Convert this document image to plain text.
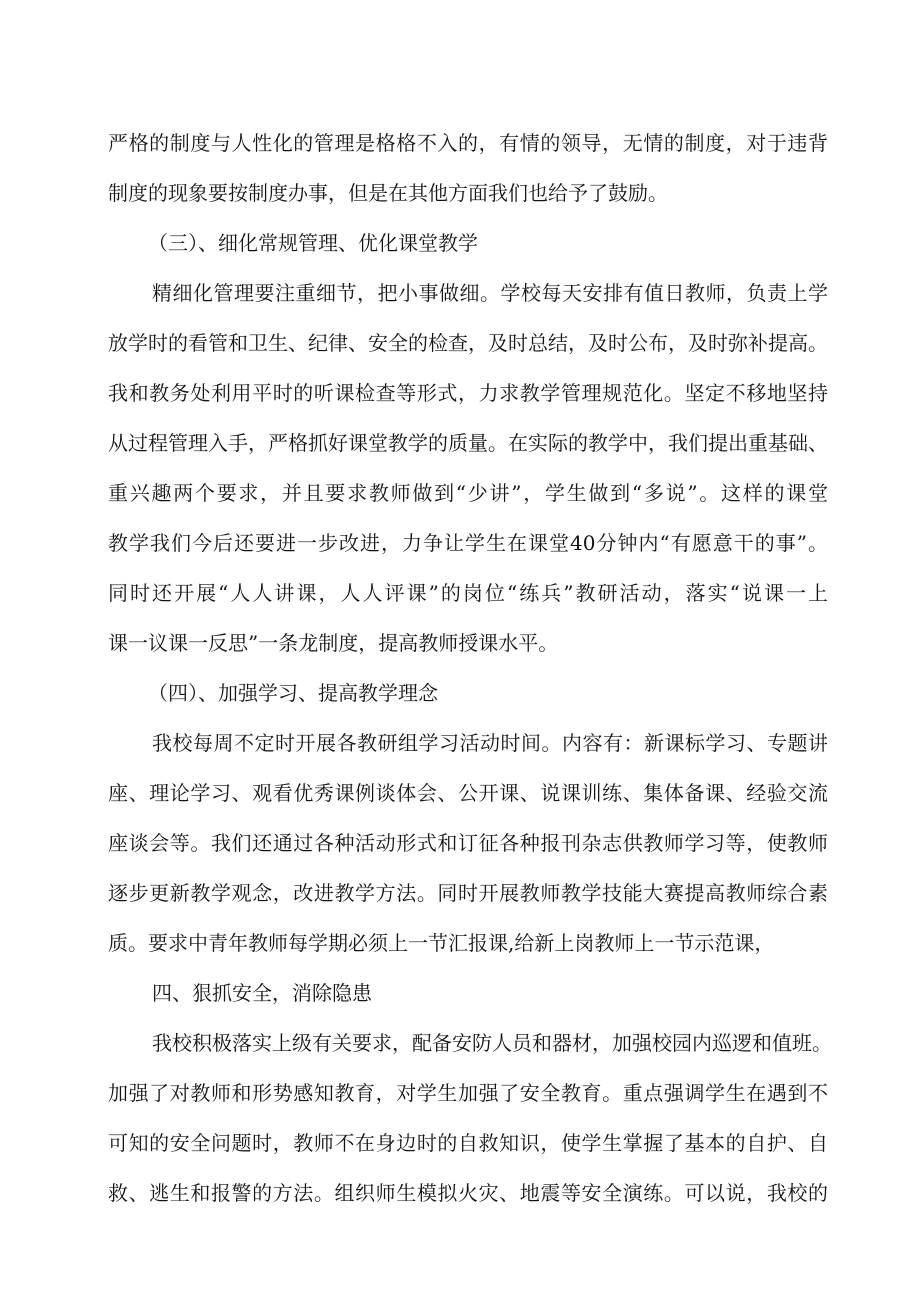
严格的制度与人性化的管理是格格不入的，有情的领导，无情的制度，对于违背
制度的现象要按制度办事，但是在其他方面我们也给予了鼓励。
（三）、细化常规管理、优化课堂教学
精细化管理要注重细节，把小事做细。学校每天安排有值日教师，负责上学
放学时的看管和卫生、纪律、安全的检查，及时总结，及时公布，及时弥补提高。
我和教务处利用平时的听课检查等形式，力求教学管理规范化。坚定不移地坚持
从过程管理入手，严格抓好课堂教学的质量。在实际的教学中，我们提出重基础、
重兴趣两个要求，并且要求教师做到“少讲”，学生做到“多说”。这样的课堂
教学我们今后还要进一步改进，力争让学生在课堂40分钟内“有愿意干的事”。
同时还开展“人人讲课，人人评课”的岗位“练兵”教研活动，落实“说课一上
课一议课一反思”一条龙制度，提高教师授课水平。
（四）、加强学习、提高教学理念
我校每周不定时开展各教研组学习活动时间。内容有：新课标学习、专题讲
座、理论学习、观看优秀课例谈体会、公开课、说课训练、集体备课、经验交流
座谈会等。我们还通过各种活动形式和订征各种报刊杂志供教师学习等，使教师
逐步更新教学观念，改进教学方法。同时开展教师教学技能大赛提高教师综合素
质。要求中青年教师每学期必须上一节汇报课,给新上岗教师上一节示范课，
四、狠抓安全，消除隐患
我校积极落实上级有关要求，配备安防人员和器材，加强校园内巡逻和值班。
加强了对教师和形势感知教育，对学生加强了安全教育。重点强调学生在遇到不
可知的安全问题时，教师不在身边时的自救知识，使学生掌握了基本的自护、自
救、逃生和报警的方法。组织师生模拟火灾、地震等安全演练。可以说，我校的
